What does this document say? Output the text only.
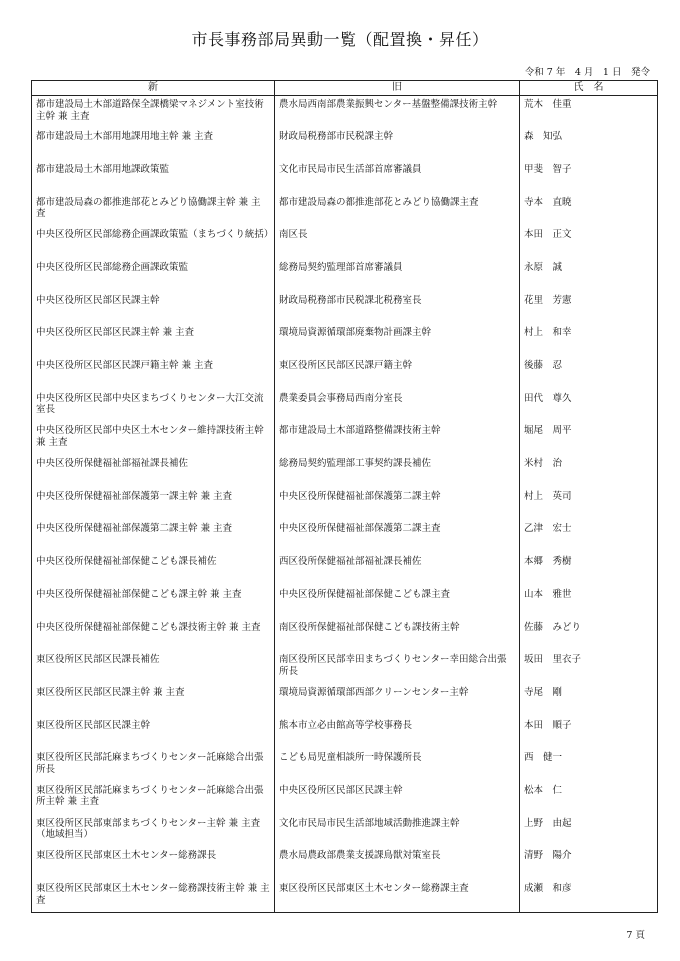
市長事務部局異動一覧（配置換・昇任）
令和 7 年　4 月　1 日　発令
新	旧	氏　名
都市建設局土木部道路保全課橋梁マネジメント室技術主幹 兼 主査	農水局西南部農業振興センター基盤整備課技術主幹	荒木　佳重
都市建設局土木部用地課用地主幹 兼 主査	財政局税務部市民税課主幹	森　知弘
都市建設局土木部用地課政策監	文化市民局市民生活部首席審議員	甲斐　智子
都市建設局森の都推進部花とみどり協働課主幹 兼 主査	都市建設局森の都推進部花とみどり協働課主査	寺本　直暁
中央区役所区民部総務企画課政策監（まちづくり統括）	南区長	本田　正文
中央区役所区民部総務企画課政策監	総務局契約監理部首席審議員	永原　誠
中央区役所区民部区民課主幹	財政局税務部市民税課北税務室長	花里　芳憲
中央区役所区民部区民課主幹 兼 主査	環境局資源循環部廃棄物計画課主幹	村上　和幸
中央区役所区民部区民課戸籍主幹 兼 主査	東区役所区民部区民課戸籍主幹	後藤　忍
中央区役所区民部中央区まちづくりセンター大江交流室長	農業委員会事務局西南分室長	田代　尊久
中央区役所区民部中央区土木センター維持課技術主幹 兼 主査	都市建設局土木部道路整備課技術主幹	堀尾　周平
中央区役所保健福祉部福祉課長補佐	総務局契約監理部工事契約課長補佐	米村　治
中央区役所保健福祉部保護第一課主幹 兼 主査	中央区役所保健福祉部保護第二課主幹	村上　英司
中央区役所保健福祉部保護第二課主幹 兼 主査	中央区役所保健福祉部保護第二課主査	乙津　宏士
中央区役所保健福祉部保健こども課長補佐	西区役所保健福祉部福祉課長補佐	本郷　秀樹
中央区役所保健福祉部保健こども課主幹 兼 主査	中央区役所保健福祉部保健こども課主査	山本　雅世
中央区役所保健福祉部保健こども課技術主幹 兼 主査	南区役所保健福祉部保健こども課技術主幹	佐藤　みどり
東区役所区民部区民課長補佐	南区役所区民部幸田まちづくりセンター幸田総合出張所長	坂田　里衣子
東区役所区民部区民課主幹 兼 主査	環境局資源循環部西部クリーンセンター主幹	寺尾　剛
東区役所区民部区民課主幹	熊本市立必由館高等学校事務長	本田　順子
東区役所区民部託麻まちづくりセンター託麻総合出張所長	こども局児童相談所一時保護所長	西　健一
東区役所区民部託麻まちづくりセンター託麻総合出張所主幹 兼 主査	中央区役所区民部区民課主幹	松本　仁
東区役所区民部東部まちづくりセンター主幹 兼 主査（地域担当）	文化市民局市民生活部地域活動推進課主幹	上野　由起
東区役所区民部東区土木センター総務課長	農水局農政部農業支援課鳥獣対策室長	清野　陽介
東区役所区民部東区土木センター総務課技術主幹 兼 主査	東区役所区民部東区土木センター総務課主査	成瀬　和彦
7 頁
